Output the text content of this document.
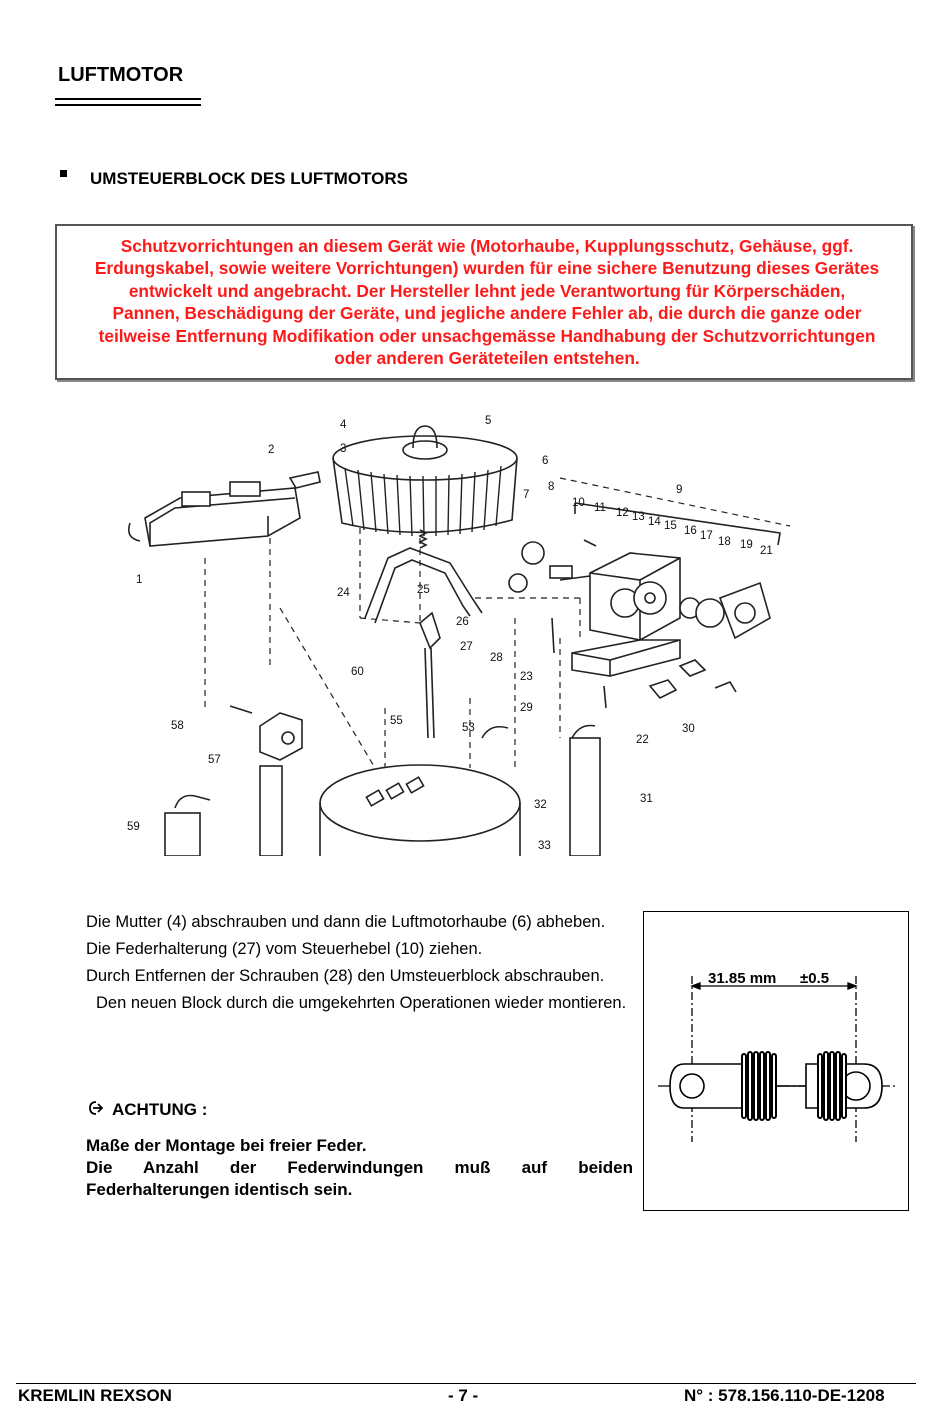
LUFTMOTOR
UMSTEUERBLOCK DES LUFTMOTORS
Schutzvorrichtungen an diesem Gerät wie (Motorhaube, Kupplungsschutz, Gehäuse, ggf.
Erdungskabel, sowie weitere Vorrichtungen) wurden für eine sichere Benutzung dieses Gerätes
entwickelt und angebracht. Der Hersteller lehnt jede Verantwortung für Körperschäden,
Pannen, Beschädigung der Geräte, und jegliche andere Fehler ab, die durch die ganze oder
teilweise Entfernung Modifikation oder unsachgemässe Handhabung der Schutzvorrichtungen
oder anderen Geräteteilen entstehen.
1
2	3
4	5
6
7
8	9
10 11 12 13 14 15 16 17 18 19 21
22
23
24	25
26
27
28
29
30
31
32
33
53
55
57
58
59
60

Die Mutter (4) abschrauben und dann die Luftmotorhaube (6) abheben.

Die Federhalterung (27) vom Steuerhebel (10) ziehen.

Durch Entfernen der Schrauben (28) den Umsteuerblock abschrauben.

Den neuen Block durch die umgekehrten Operationen wieder montieren.

ACHTUNG :
Maße der Montage bei freier Feder.
Die Anzahl der Federwindungen muß auf beiden
Federhalterungen identisch sein.
31.85 mm ±0.5
KREMLIN REXSON	- 7 -	N° : 578.156.110-DE-1208
